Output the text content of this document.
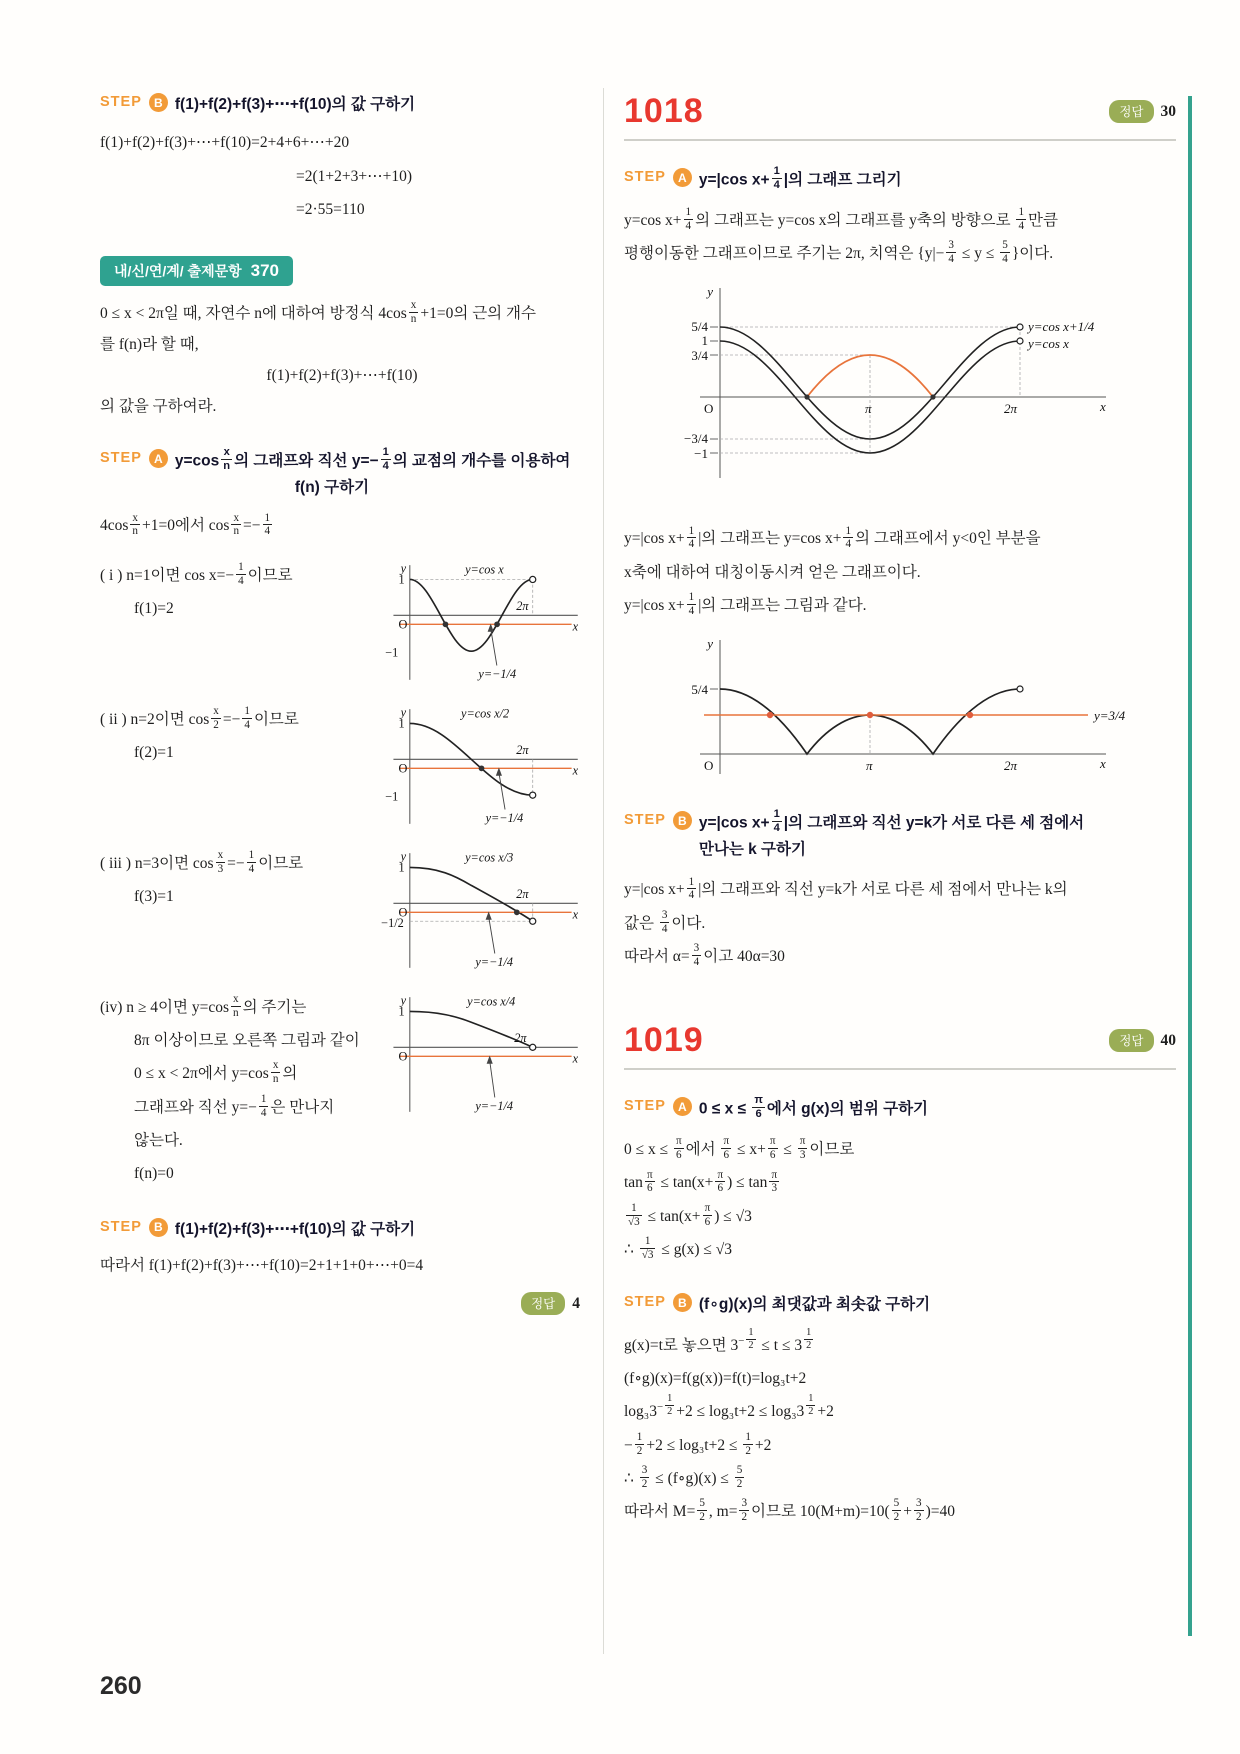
STEP	B f(1)+f(2)+f(3)+⋯+f(10)의 값 구하기
f(1)+f(2)+f(3)+⋯+f(10)=2+4+6+⋯+20
=2(1+2+3+⋯+10)
=2·55=110
내/신/연/계/ 출제문항 370
0 ≤ x < 2π일 때, 자연수 n에 대하여 방정식 $4\cos \frac{x}{n} +1=0$의 근의 개수
를 f(n)라 할 때,
f(1)+f(2)+f(3)+⋯+f(10)
의 값을 구하여라.
STEP	A $y=\cos \frac{x}{n}$ 의 그래프와 직선 $y=- \frac{1}{4}$ 의 교점의 개수를 이용하여
f(n) 구하기
$4\cos \frac{x}{n} +1=0$에서 $\cos \frac{x}{n} =- \frac{1}{4}$
( i ) n=1이면 $\cos x=- \frac{1}{4}$ 이므로
f(1)=2
y
x
O
1
−1
2π
y=cos x
y=−1/4
( ii ) n=2이면 $\cos \frac{x}{2} =- \frac{1}{4}$ 이므로
f(2)=1
y
x
O
1
−1
2π
y=cos x/2
y=−1/4
( iii ) n=3이면 $\cos \frac{x}{3} =- \frac{1}{4}$ 이므로
f(3)=1
y
x
O
1
−1/2
2π
y=cos x/3
y=−1/4
(iv) n ≥ 4이면 $y=\cos \frac{x}{n}$ 의 주기는
8π 이상이므로 오른쪽 그림과 같이
0 ≤ x < 2π에서 $y=\cos \frac{x}{n}$ 의
그래프와 직선 $y=- \frac{1}{4}$ 은 만나지
않는다.
f(n)=0
y
x
O
1
2π
y=cos x/4
y=−1/4
STEP	B f(1)+f(2)+f(3)+⋯+f(10)의 값 구하기
따라서 f(1)+f(2)+f(3)+⋯+f(10)=2+1+1+0+⋯+0=4
정답	4
1018	정답	30
STEP	A y=|cos $x+ \frac{1}{4}$ |의 그래프 그리기
y=cos $x+ \frac{1}{4}$ 의 그래프는 y=cos x의 그래프를 y축의 방향으로 $\frac{1}{4}$ 만큼
평행이동한 그래프이므로 주기는 2π, 치역은 {$y|- \frac{3}{4} \le y \le \frac{5}{4}$ }이다.
y
x
O
5/4
1
3/4
−3/4
−1
π	2π
y=cos x+1/4
y=cos x
y=|cos $x+ \frac{1}{4}$ |의 그래프는 y=cos $x+ \frac{1}{4}$ 의 그래프에서 y<0인 부분을
x축에 대하여 대칭이동시켜 얻은 그래프이다.
y=|cos $x+ \frac{1}{4}$ |의 그래프는 그림과 같다.
y
x
O
5/4
π	2π
y=3/4
STEP	B y=|cos $x+ \frac{1}{4}$ |의 그래프와 직선 y=k가 서로 다른 세 점에서
만나는 k 구하기
y=|cos $x+ \frac{1}{4}$ |의 그래프와 직선 y=k가 서로 다른 세 점에서 만나는 k의
값은 $\frac{3}{4}$ 이다.
따라서 $\alpha= \frac{3}{4}$ 이고 40α=30
1019	정답	40
STEP	A $0 \le x \le \frac{\pi}{6}$ 에서 g(x)의 범위 구하기
$0 \le x \le \frac{\pi}{6}$ 에서 $\frac{\pi}{6} \le x+ \frac{\pi}{6} \le \frac{\pi}{3}$ 이므로
$\tan \frac{\pi}{6} \le \tan(x+ \frac{\pi}{6}$ ) ≤ $\tan \frac{\pi}{3}$
$\frac{1}{√3} \le \tan(x+ \frac{\pi}{6}$ ) ≤ √3
∴ $\frac{1}{√3} \le g(x) \le √3$
STEP	B (f∘g)(x)의 최댓값과 최솟값 구하기
g(x)=t로 놓으면 $3^{- \frac{1}{2}} \le t \le 3$ $^{\frac{1}{2}}$
(f∘g)(x)=f(g(x))=f(t)=log₃t+2
$\log_33^{- \frac{1}{2}} +2 \le \log_3t+2 \le \log_33$ $^{\frac{1}{2}}$ +2
− $\frac{1}{2} +2 \le \log_3t+2 \le \frac{1}{2} +2$
∴ $\frac{3}{2}$ ≤ (f∘g)(x) ≤ $\frac{5}{2}$
따라서 $M= \frac{5}{2}$ , $m= \frac{3}{2}$ 이므로 $10(M+m)=10( \frac{5}{2} + \frac{3}{2} )=40$
260
